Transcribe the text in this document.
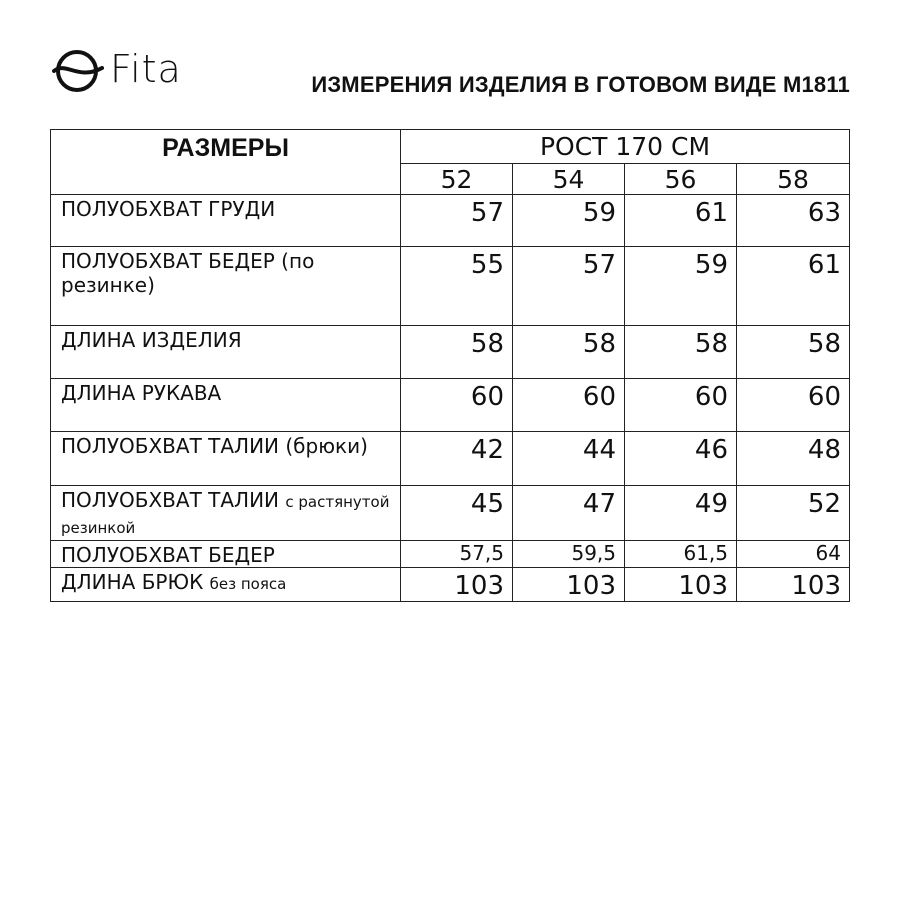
Fita	ИЗМЕРЕНИЯ ИЗДЕЛИЯ В ГОТОВОМ ВИДЕ М1811
РАЗМЕРЫ	РОСТ 170 СМ			
	52	54	56	58
ПОЛУОБХВАТ ГРУДИ	57	59	61	63
ПОЛУОБХВАТ БЕДЕР (по резинке)	55	57	59	61
ДЛИНА ИЗДЕЛИЯ	58	58	58	58
ДЛИНА РУКАВА	60	60	60	60
ПОЛУОБХВАТ ТАЛИИ (брюки)	42	44	46	48
ПОЛУОБХВАТ ТАЛИИ с растянутой резинкой	45	47	49	52
ПОЛУОБХВАТ БЕДЕР	57,5	59,5	61,5	64
ДЛИНА БРЮК без пояса	103	103	103	103
